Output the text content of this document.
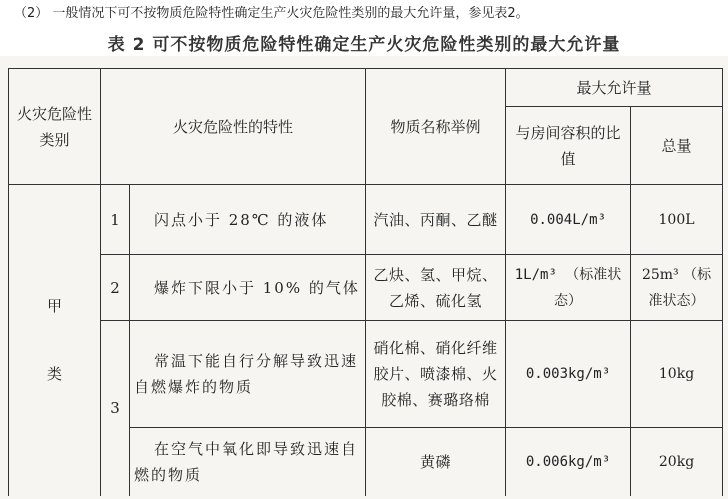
（2） 一般情况下可不按物质危险特性确定生产火灾危险性类别的最大允许量，参见表2。
表 2 可不按物质危险特性确定生产火灾危险性类别的最大允许量
火灾危险性类别	火灾危险性的特性		物质名称举例	最大允许量	
				与房间容积的比值	总量
甲类	1	闪点小于 28℃ 的液体	汽油、丙酮、乙醚	0.004L/m³	100L
	2	爆炸下限小于 10% 的气体	乙炔、氢、甲烷、乙烯、硫化氢	1L/m³ （标准状态）	25m³ （标准状态）
	3	常温下能自行分解导致迅速自燃爆炸的物质	硝化棉、硝化纤维胶片、喷漆棉、火胶棉、赛璐珞棉	0.003kg/m³	10kg
		在空气中氧化即导致迅速自燃的物质	黄磷	0.006kg/m³	20kg
